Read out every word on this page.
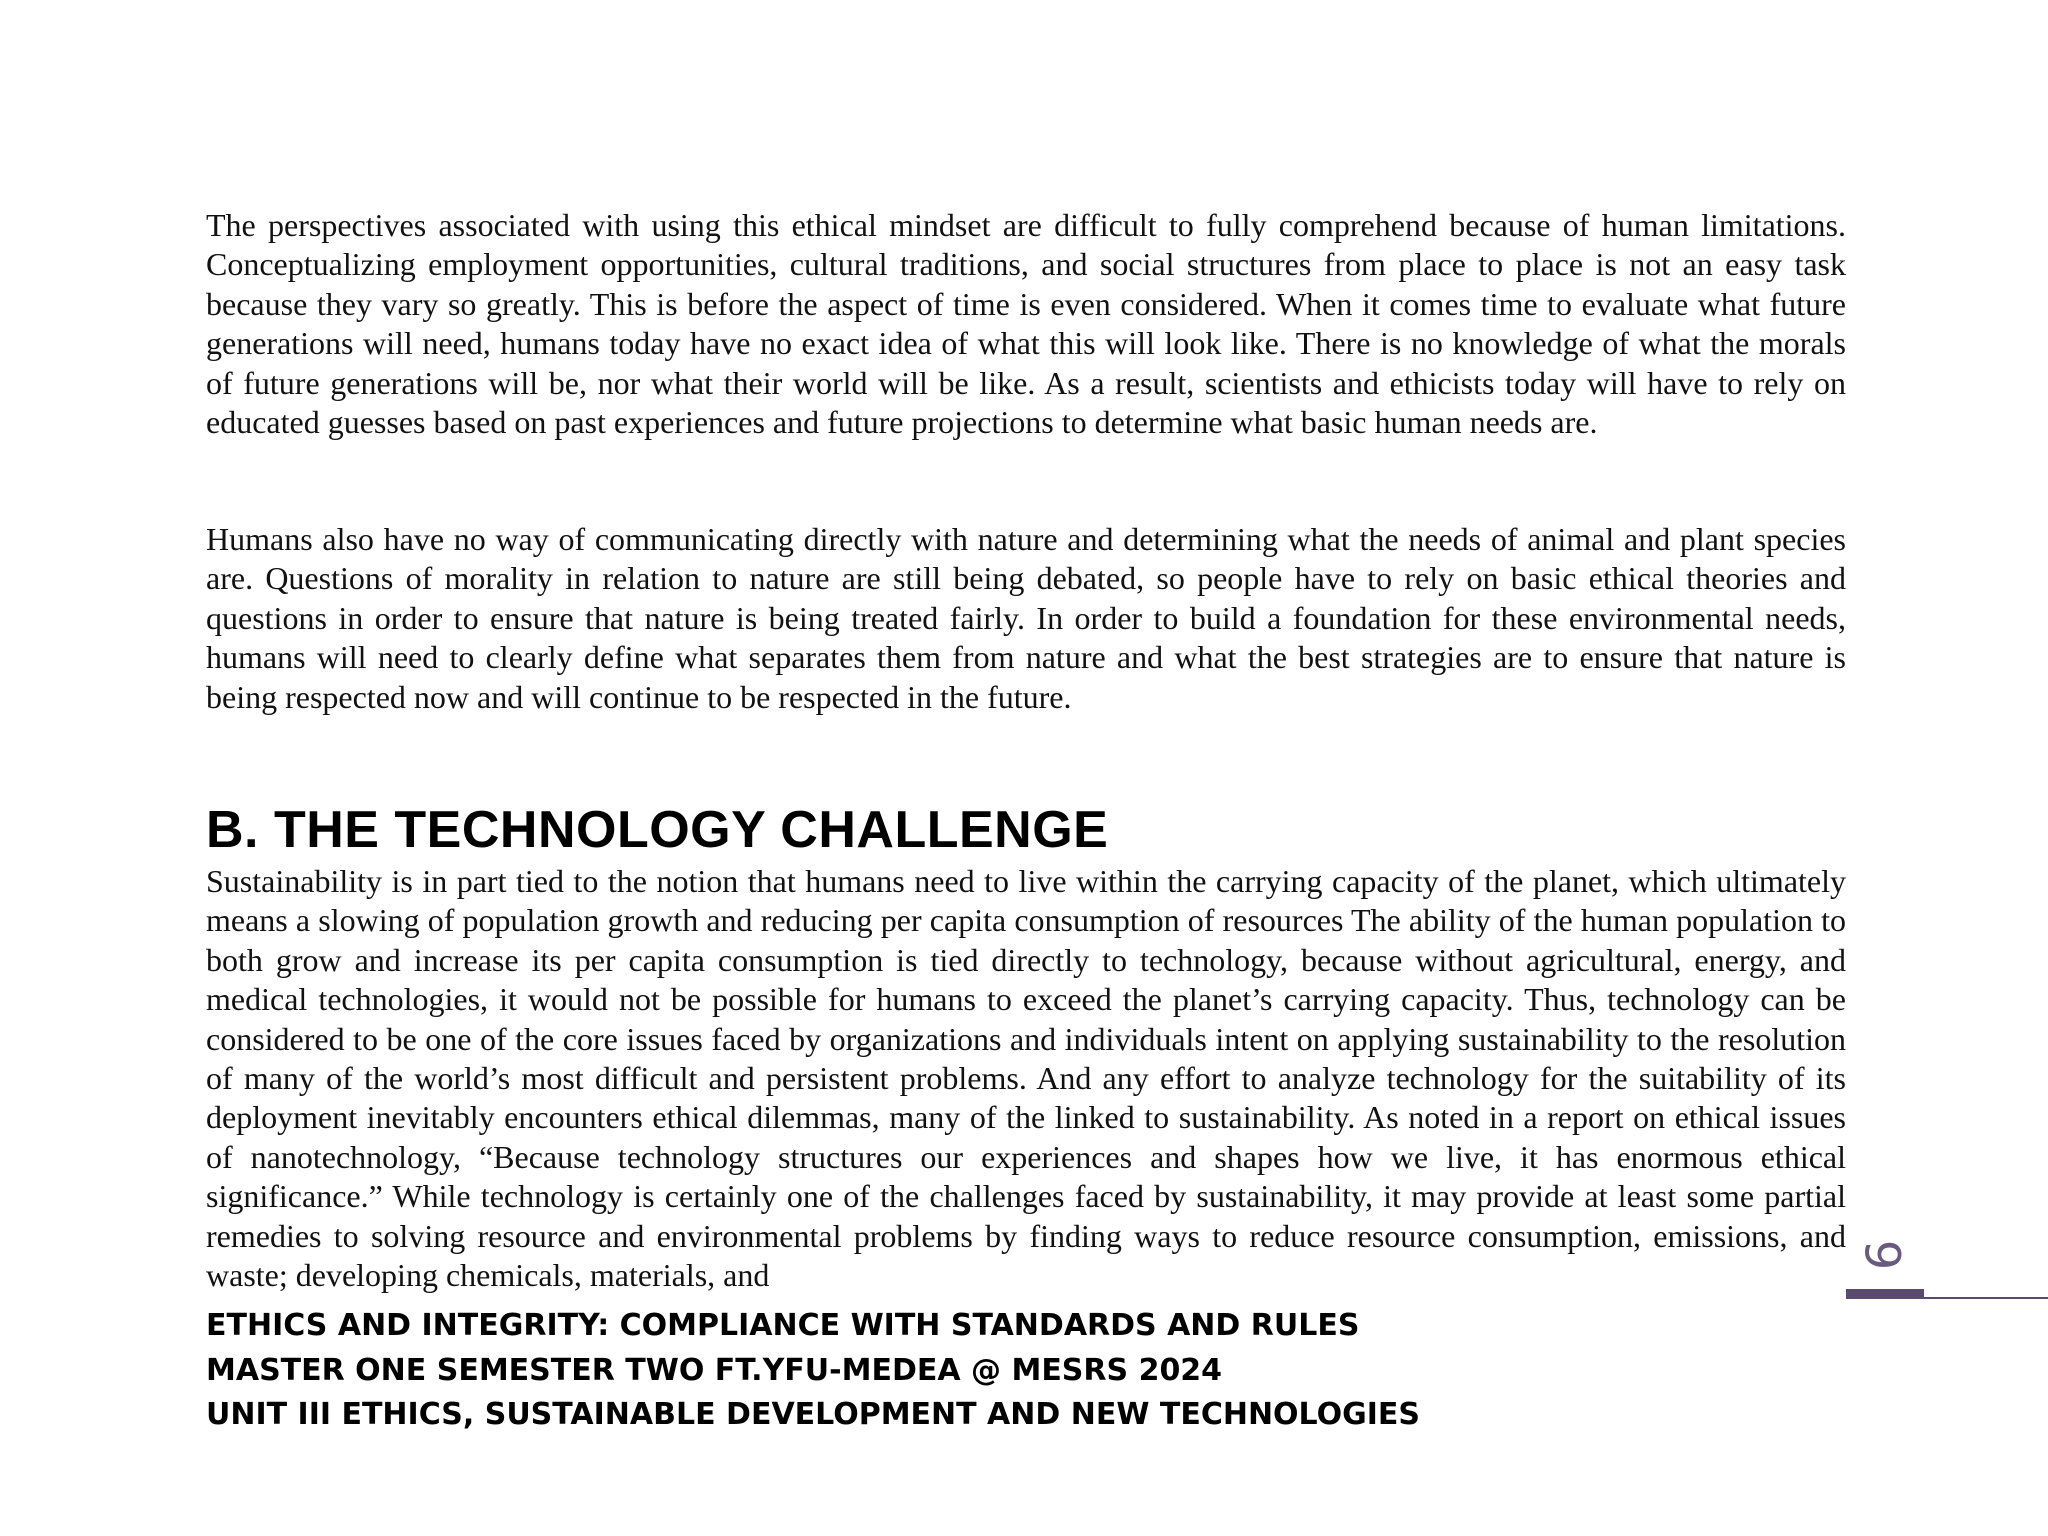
The perspectives associated with using this ethical mindset are difficult to fully comprehend because of human limitations. Conceptualizing employment opportunities, cultural traditions, and social structures from place to place is not an easy task because they vary so greatly. This is before the aspect of time is even considered. When it comes time to evaluate what future generations will need, humans today have no exact idea of what this will look like. There is no knowledge of what the morals of future generations will be, nor what their world will be like. As a result, scientists and ethicists today will have to rely on educated guesses based on past experiences and future projections to determine what basic human needs are.

Humans also have no way of communicating directly with nature and determining what the needs of animal and plant species are. Questions of morality in relation to nature are still being debated, so people have to rely on basic ethical theories and questions in order to ensure that nature is being treated fairly. In order to build a foundation for these environmental needs, humans will need to clearly define what separates them from nature and what the best strategies are to ensure that nature is being respected now and will continue to be respected in the future.

B. THE TECHNOLOGY CHALLENGE

Sustainability is in part tied to the notion that humans need to live within the carrying capacity of the planet, which ultimately means a slowing of population growth and reducing per capita consumption of resources The ability of the human population to both grow and increase its per capita consumption is tied directly to technology, because without agricultural, energy, and medical technologies, it would not be possible for humans to exceed the planet’s carrying capacity. Thus, technology can be considered to be one of the core issues faced by organizations and individuals intent on applying sustainability to the resolution of many of the world’s most difficult and persistent problems. And any effort to analyze technology for the suitability of its deployment inevitably encounters ethical dilemmas, many of the linked to sustainability. As noted in a report on ethical issues of nanotechnology, “Because technology structures our experiences and shapes how we live, it has enormous ethical significance.” While technology is certainly one of the challenges faced by sustainability, it may provide at least some partial remedies to solving resource and environmental problems by finding ways to reduce resource consumption, emissions, and waste; developing chemicals, materials, and

6
ETHICS AND INTEGRITY: COMPLIANCE WITH STANDARDS AND RULES
MASTER ONE SEMESTER TWO FT.YFU-MEDEA @ MESRS 2024
UNIT III ETHICS, SUSTAINABLE DEVELOPMENT AND NEW TECHNOLOGIES
